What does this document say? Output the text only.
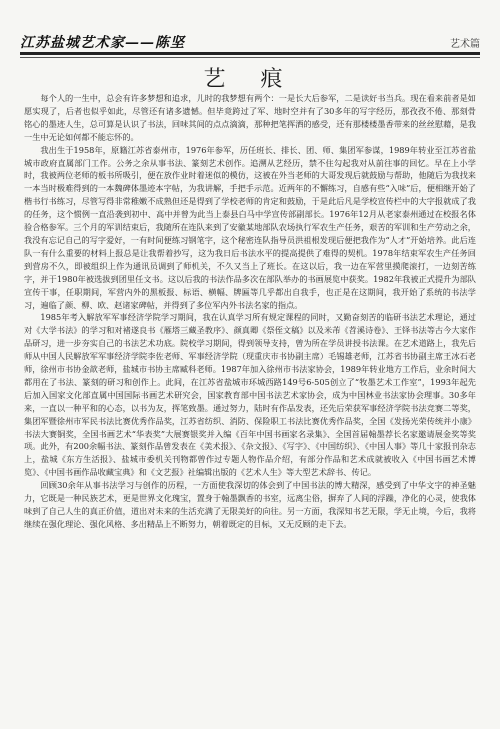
江苏盐城艺术家——陈坚	艺术篇
艺 痕

每个人的一生中，总会有许多梦想和追求，儿时的我梦想有两个：一是长大后参军，二是读好书当兵。现在看来前者是如愿实现了，后者也似乎如此，尽管还有诸多遗憾。但毕竟跨过了军、地时空并有了30多年的写字经历，那孜孜不倦、那刻骨铭心的墨迹人生，总可算是认识了书法，回味其间的点点滴滴，那种把笔挥洒的感受，还有那楼楼墨香带来的丝丝慰藉，是我一生中无论如何都不能忘怀的。

我出生于1958年，原籍江苏省泰州市，1976年参军，历任班长、排长、团、师、集团军参谋，1989年转业至江苏省盐城市政府直属部门工作。公务之余从事书法、篆刻艺术创作。追溯从艺经历，禁不住勾起我对从前往事的回忆。早在上小学时，我被两位老师的板书所吸引，便在放作业时着迷似的模仿，这被在外当老师的大哥发现后就鼓励与帮助，他随后为我找来一本当时极难得到的一本魏碑体墨迹本字帖，为我讲解，手把手示范。近两年的不懈练习，自感有些“入味”后，便相继开始了楷书行书练习，尽管写得非常稚嫩不成熟但还是得到了学校老师的肯定和鼓励，于是此后凡是学校宣传栏中的大字报就成了我的任务，这个惯例一直沿袭到初中、高中并曾为此当上泰县白马中学宣传部副部长。1976年12月从老家泰州通过在校报名体验合格参军。三个月的军训结束后，我随所在连队来到了安徽某地部队农场执行军农生产任务，艰苦的军训和生产劳动之余，我没有忘记自己的写字爱好，一有时间便练习钢笔字，这个秘密连队指导员洪祖根发现后便把我作为“人才”开始培养。此后连队一有什么重要的材料上报总是让我帮着抄写，这为我日后书法水平的提高提供了难得的契机。1978年结束军农生产任务回到营房不久，即被组织上作为通讯员调到了师机关，不久又当上了班长。在这以后，我一边在军营里摸爬滚打，一边刻苦练字，并于1980年被选拔到团里任文书。这以后我的书法作品多次在部队举办的书画展览中获奖。1982年我被正式提升为部队宣传干事，任职期间，军营内外的黑板报、标语、横幅、牌匾等几乎都出自我手，也正是在这期间，我开始了系统的书法学习，遍临了颜、柳、欧、赵诸家碑帖，并得到了多位军内外书法名家的指点。

1985年考入解放军军事经济学院学习期间，我在认真学习所有规定课程的同时，又勤奋刻苦的临研书法艺术理论，通过对《大学书法》的学习和对褚遂良书《雁塔三藏圣教序》、颜真卿《祭侄文稿》以及米芾《苕溪诗卷》、王铎书法等古今大家作品研习，进一步夯实自己的书法艺术功底。院校学习期间，得到领导支持，曾为所在学员讲授书法课。在艺术道路上，我先后师从中国人民解放军军事经济学院李佐老师、军事经济学院（现重庆市书协副主席）毛锡雄老师，江苏省书协副主席王冰石老师，徐州市书协金歆老师，盐城市书协主席臧科老师。1987年加入徐州市书法家协会，1989年转业地方工作后，业余时间大都用在了书法、篆刻的研习和创作上。此间，在江苏省盐城市环城西路149号6-505创立了“牧墨艺术工作室”，1993年起先后加入国家文化部直属中国国际书画艺术研究会，国家教育部中国书法艺术家协会，成为中国林业书法家协会理事。30多年来，一直以一种平和的心态，以书为友，挥笔致墨。通过努力，陆时有作品发表，还先后荣获军事经济学院书法竞赛二等奖，集团军暨徐州市军民书法比赛优秀作品奖，江苏省纺织、消防、保险职工书法比赛优秀作品奖，全国《发扬光荣传统并小康》书法大赛铜奖，全国书画艺术“华表奖”大展赛银奖并入编《百年中国书画家名录集》、全国首届翰墨荐长名家邀请展金奖等奖项。此外，有200余幅书法、篆刻作品曾发表在《美术报》、《杂文报》、《写字》、《中国纺织》、《中国人事》等几十家报刊杂志上，盐城《东方生活报》、盐城市委机关刊物都曾作过专题人物作品介绍，有部分作品和艺术成就被收入《中国书画艺术博览》、《中国书画作品收藏宝典》和《文艺报》社编辑出版的《艺术人生》等大型艺术辞书、传记。

回顾30余年从事书法学习与创作的历程，一方面使我深切的体会到了中国书法的博大精深，感受到了中华文字的神圣魅力，它既是一种民族艺术，更是世界文化瑰宝，置身于翰墨飘香的书室，远离尘俗，摒弃了人间的浮躁，净化的心灵，使我体味到了自己人生的真正价值，道出对未来的生活充满了无限美好的向往。另一方面，我深知书艺无限，学无止境，今后，我将继续在强化理论、强化风格、多出精品上不断努力，朝着既定的目标，又无反顾的走下去。
